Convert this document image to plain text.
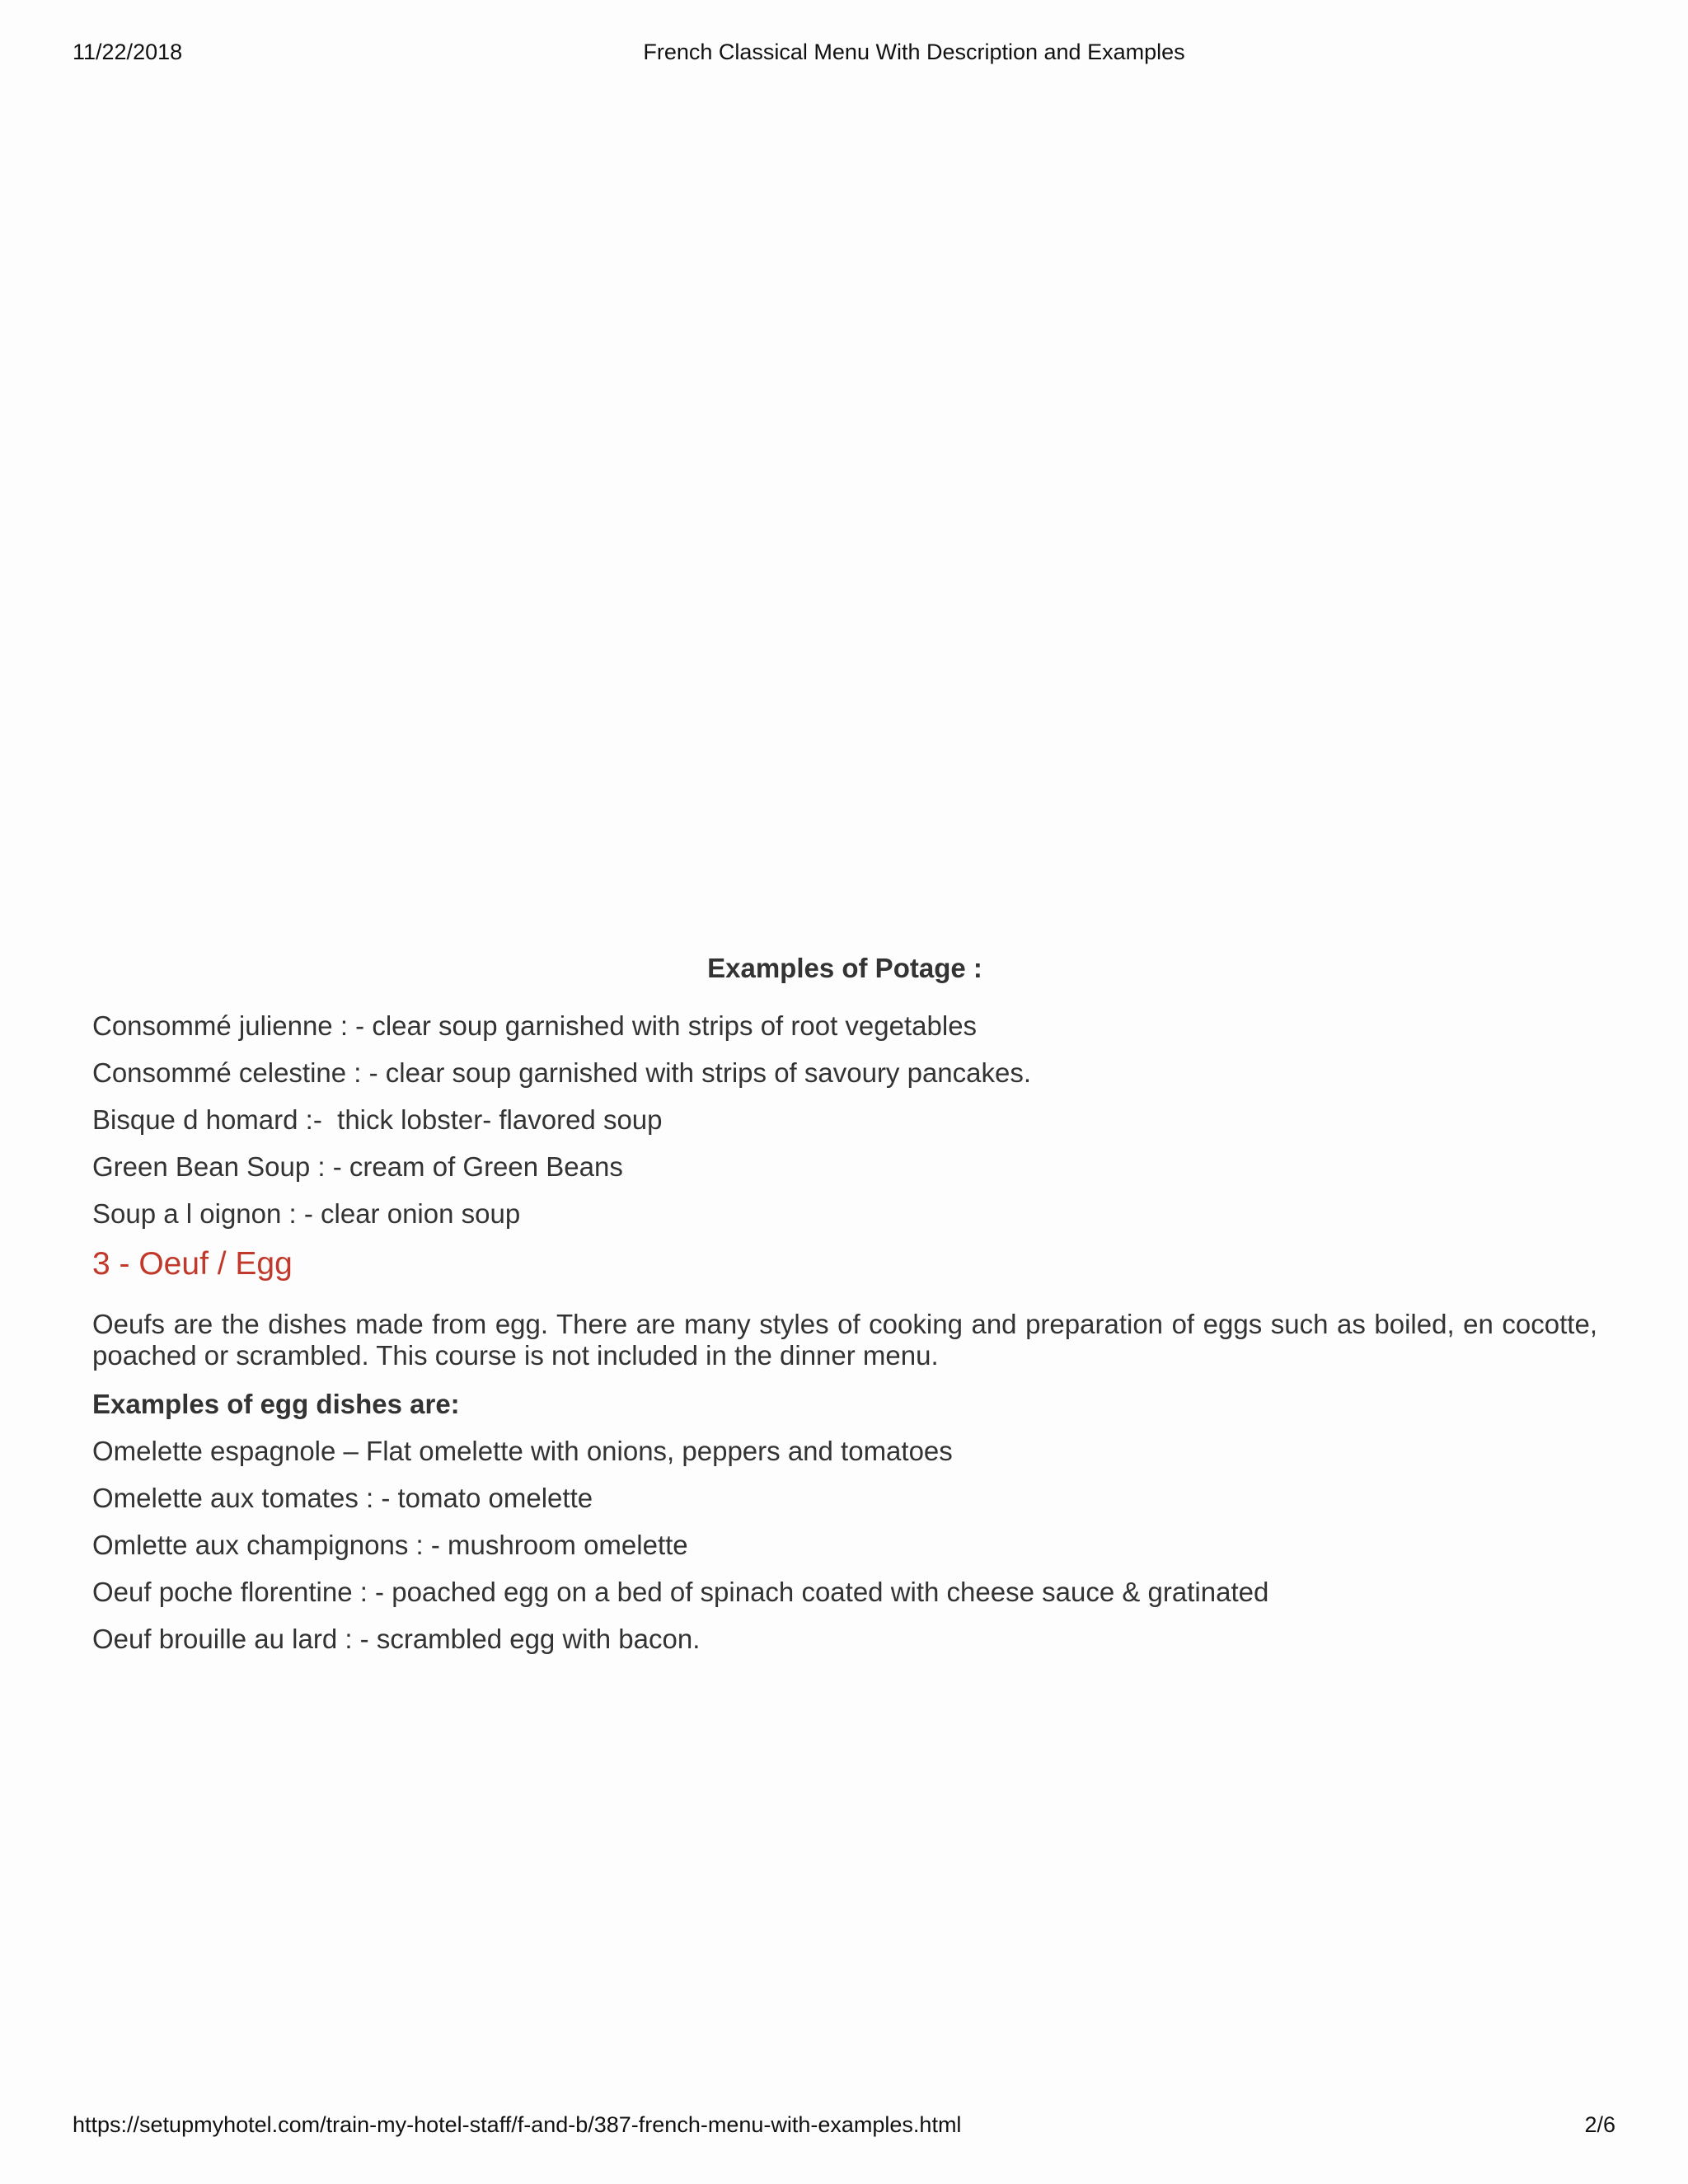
11/22/2018	French Classical Menu With Description and Examples
Examples of Potage :
Consommé julienne : - clear soup garnished with strips of root vegetables
Consommé celestine : - clear soup garnished with strips of savoury pancakes.
Bisque d homard :-  thick lobster- flavored soup
Green Bean Soup : - cream of Green Beans
Soup a l oignon : - clear onion soup
3 - Oeuf / Egg

Oeufs are the dishes made from egg. There are many styles of cooking and preparation of eggs such as boiled, en cocotte, poached or scrambled. This course is not included in the dinner menu.

Examples of egg dishes are:
Omelette espagnole – Flat omelette with onions, peppers and tomatoes
Omelette aux tomates : - tomato omelette
Omlette aux champignons : - mushroom omelette
Oeuf poche florentine : - poached egg on a bed of spinach coated with cheese sauce & gratinated
Oeuf brouille au lard : - scrambled egg with bacon.
https://setupmyhotel.com/train-my-hotel-staff/f-and-b/387-french-menu-with-examples.html	2/6
